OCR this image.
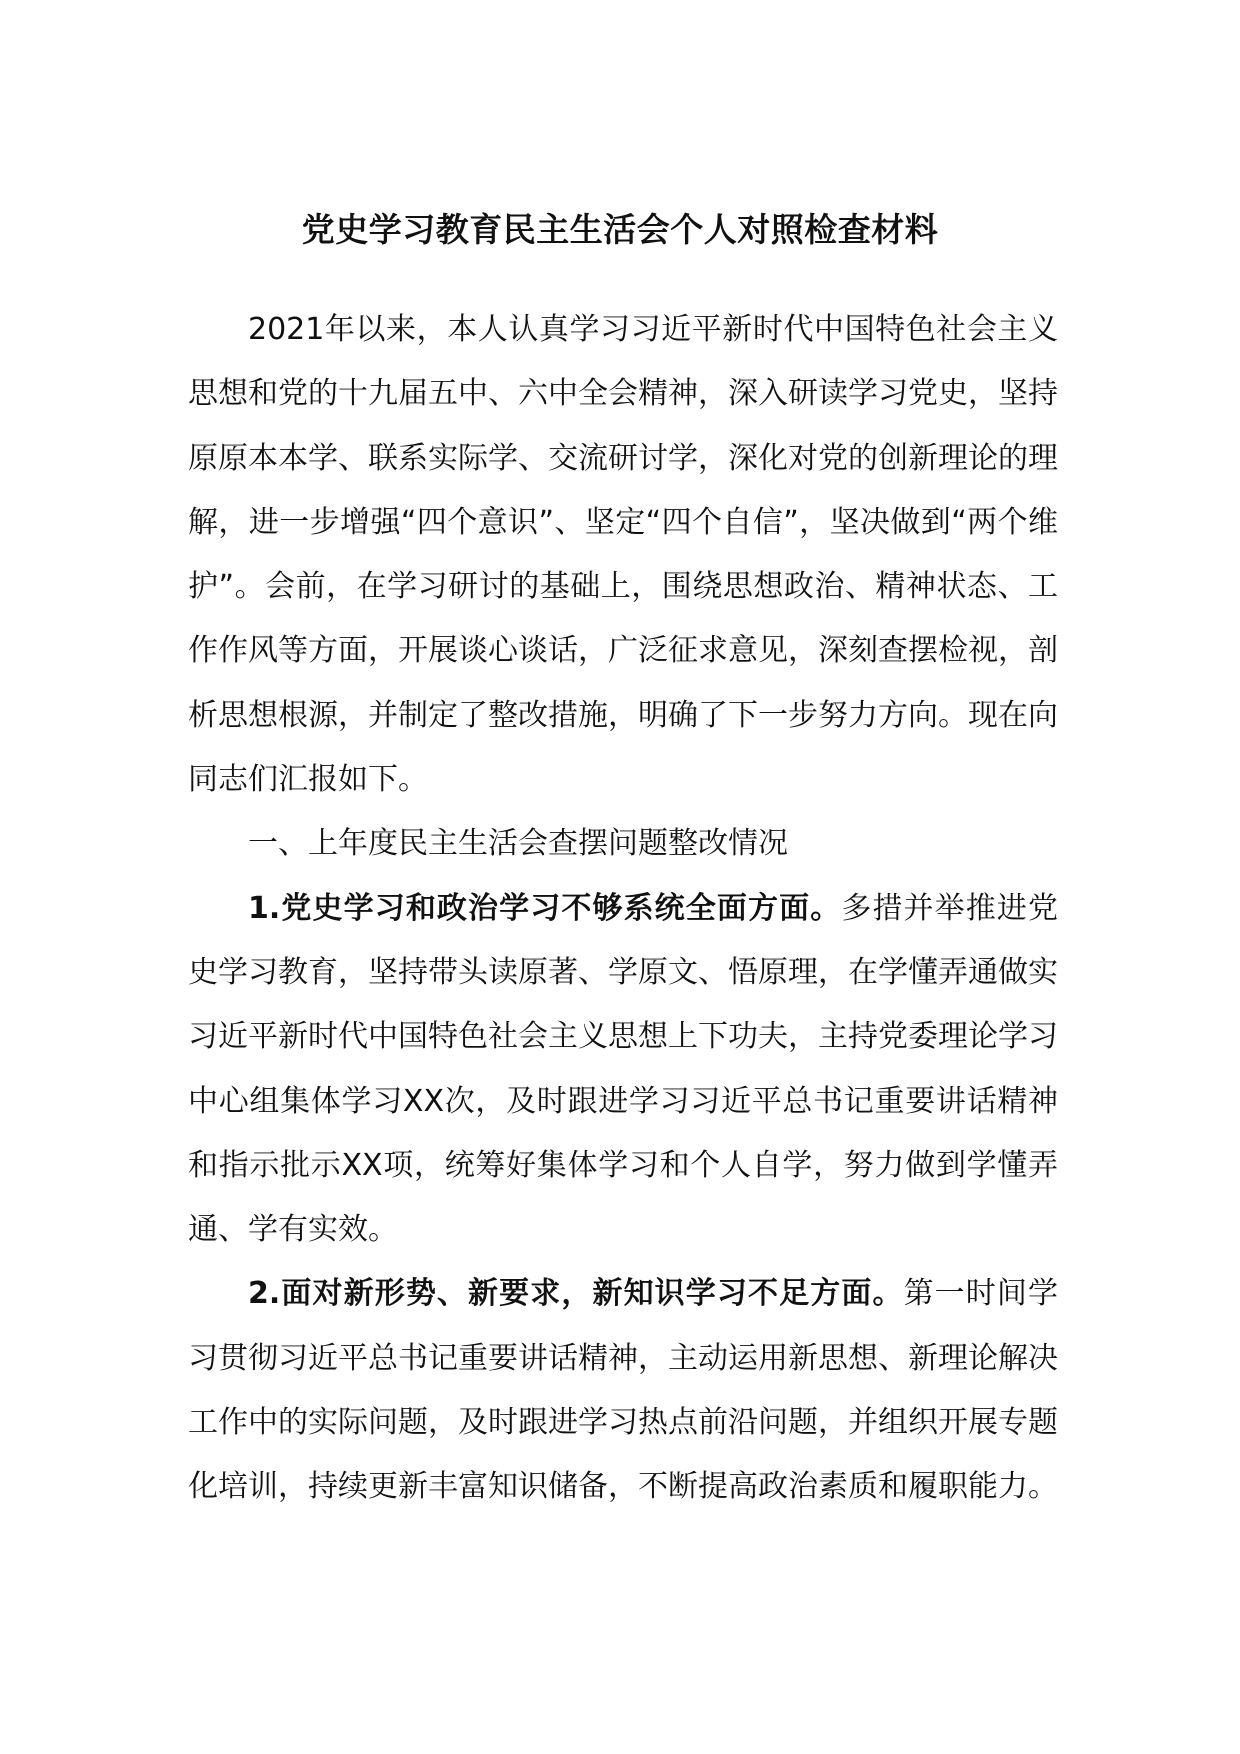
党史学习教育民主生活会个人对照检查材料

2021年以来，本人认真学习习近平新时代中国特色社会主义思想和党的十九届五中、六中全会精神，深入研读学习党史，坚持原原本本学、联系实际学、交流研讨学，深化对党的创新理论的理解，进一步增强“四个意识”、坚定“四个自信”，坚决做到“两个维护”。会前，在学习研讨的基础上，围绕思想政治、精神状态、工作作风等方面，开展谈心谈话，广泛征求意见，深刻查摆检视，剖析思想根源，并制定了整改措施，明确了下一步努力方向。现在向同志们汇报如下。

一、上年度民主生活会查摆问题整改情况

1.党史学习和政治学习不够系统全面方面。多措并举推进党史学习教育，坚持带头读原著、学原文、悟原理，在学懂弄通做实习近平新时代中国特色社会主义思想上下功夫，主持党委理论学习中心组集体学习XX次，及时跟进学习习近平总书记重要讲话精神和指示批示XX项，统筹好集体学习和个人自学，努力做到学懂弄通、学有实效。

2.面对新形势、新要求，新知识学习不足方面。第一时间学习贯彻习近平总书记重要讲话精神，主动运用新思想、新理论解决工作中的实际问题，及时跟进学习热点前沿问题，并组织开展专题化培训，持续更新丰富知识储备，不断提高政治素质和履职能力。
